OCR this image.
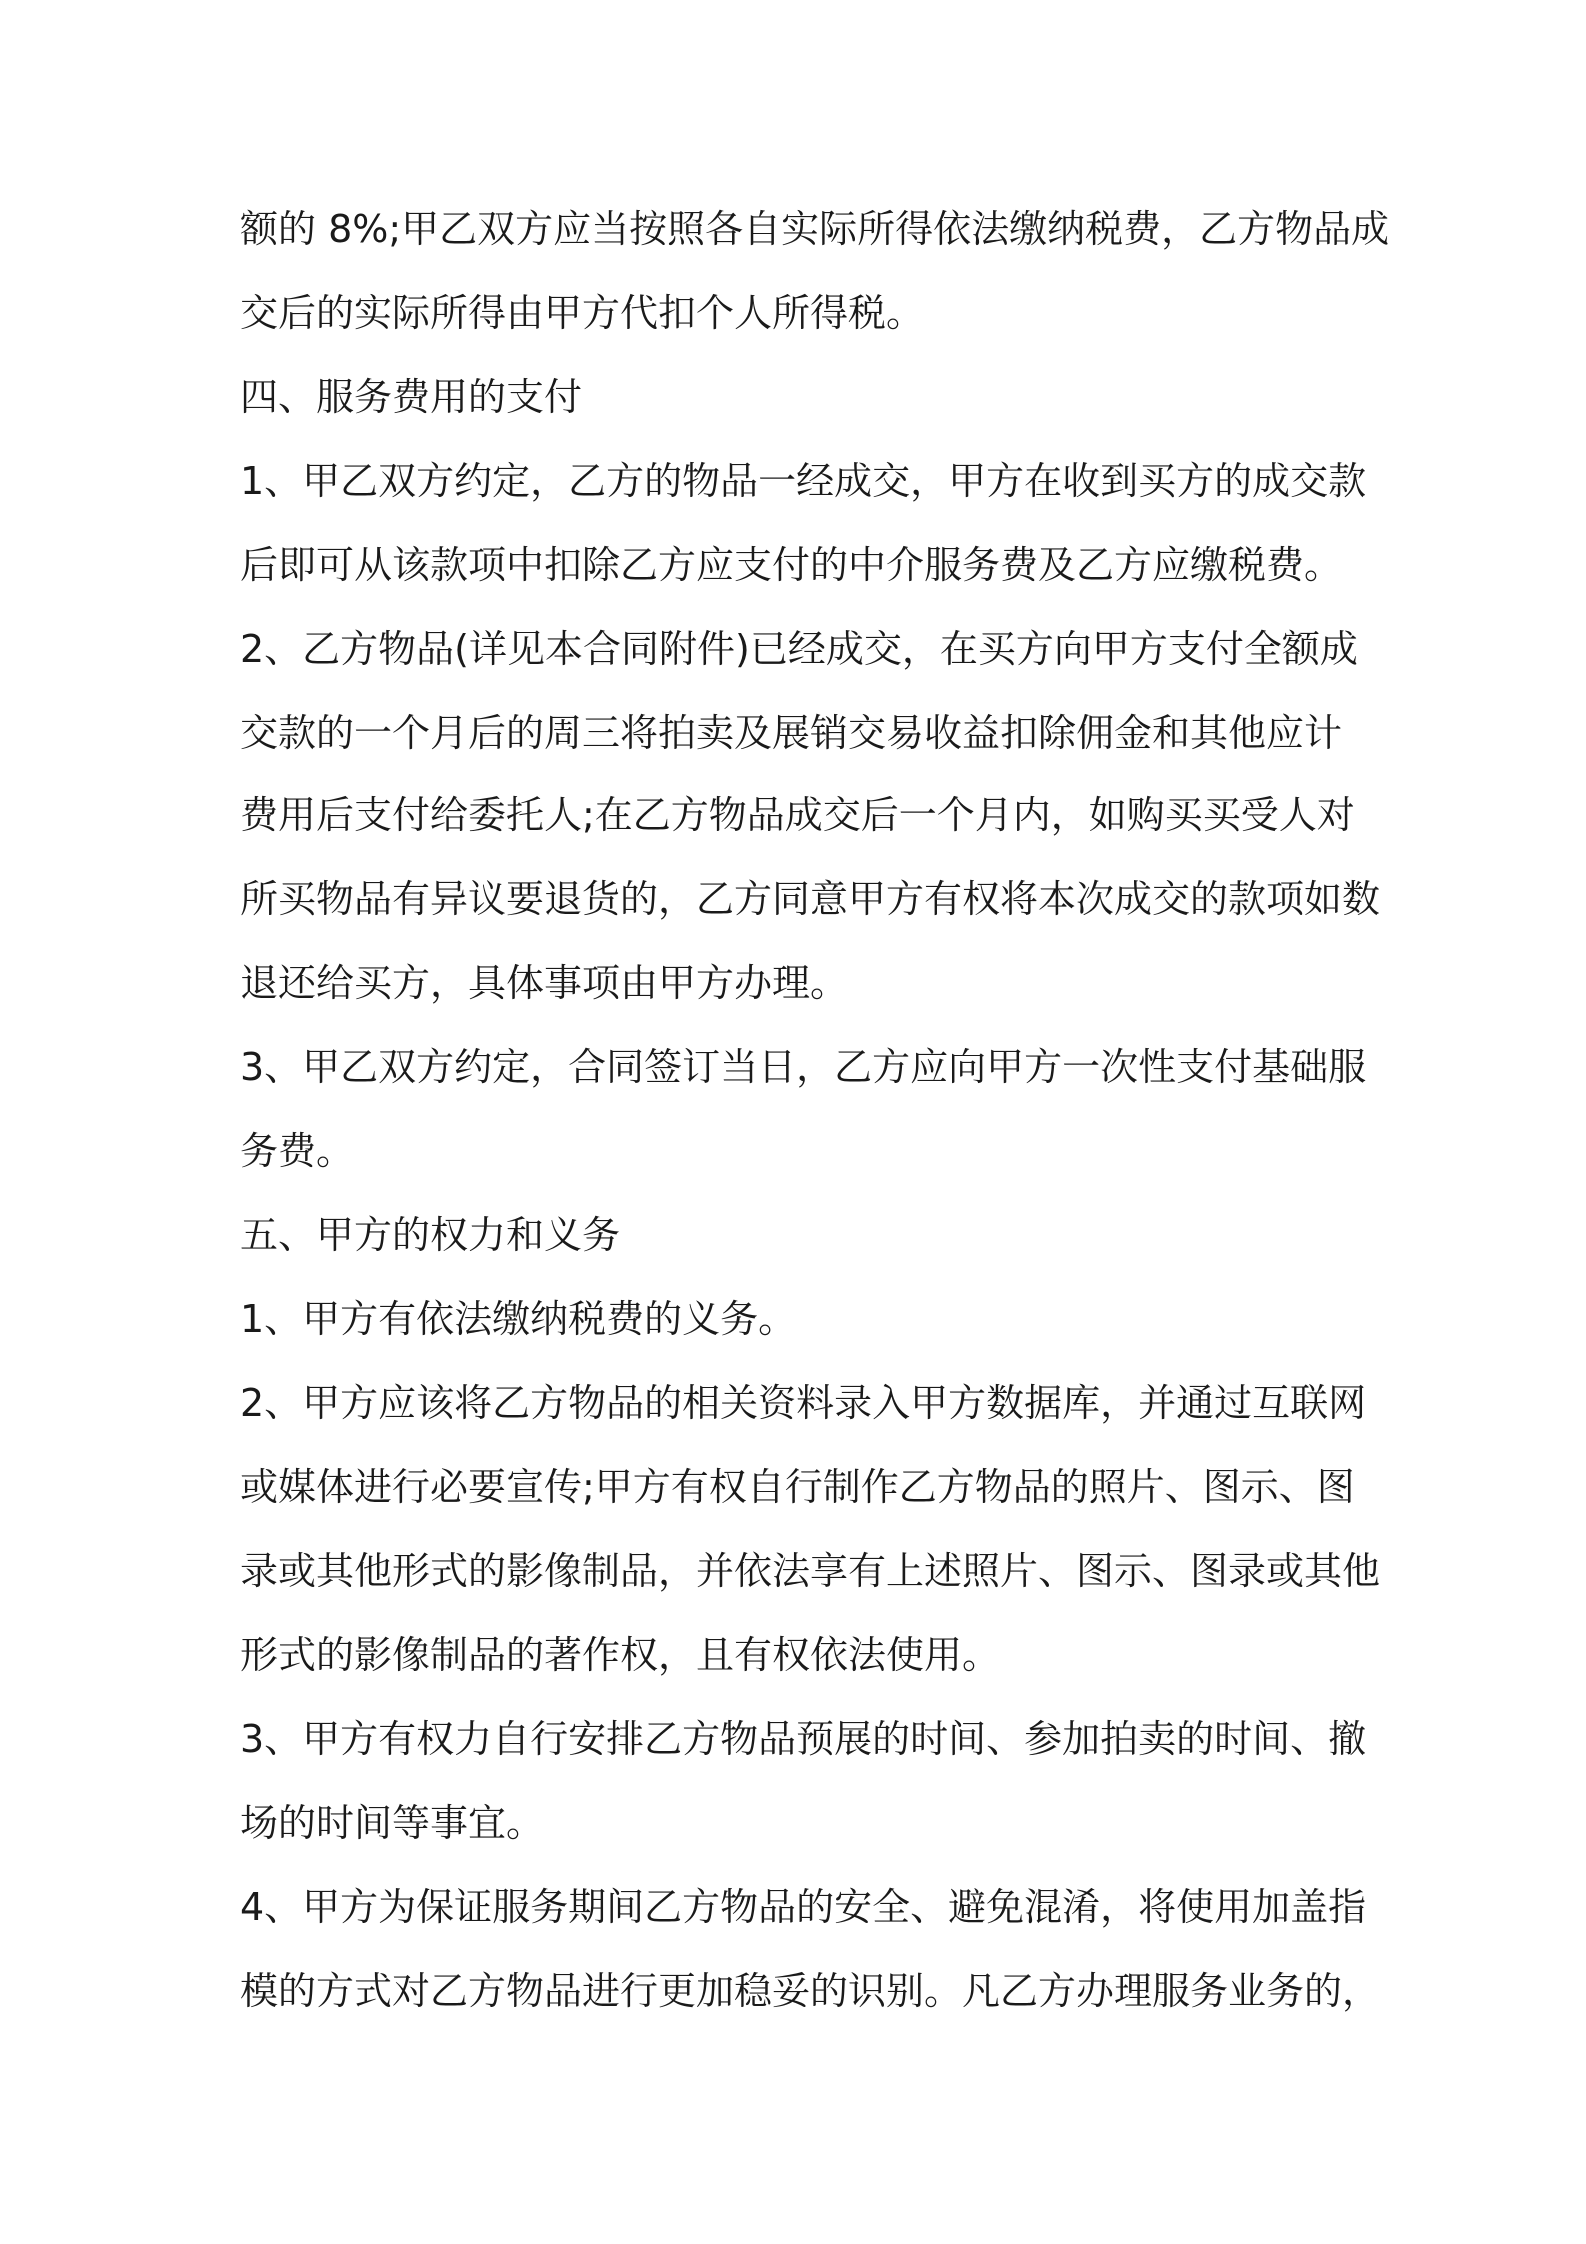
额的 8%;甲乙双方应当按照各自实际所得依法缴纳税费，乙方物品成
交后的实际所得由甲方代扣个人所得税。
四、服务费用的支付
1、甲乙双方约定，乙方的物品一经成交，甲方在收到买方的成交款
后即可从该款项中扣除乙方应支付的中介服务费及乙方应缴税费。
2、乙方物品(详见本合同附件)已经成交，在买方向甲方支付全额成
交款的一个月后的周三将拍卖及展销交易收益扣除佣金和其他应计
费用后支付给委托人;在乙方物品成交后一个月内，如购买买受人对
所买物品有异议要退货的，乙方同意甲方有权将本次成交的款项如数
退还给买方，具体事项由甲方办理。
3、甲乙双方约定，合同签订当日，乙方应向甲方一次性支付基础服
务费。
五、甲方的权力和义务
1、甲方有依法缴纳税费的义务。
2、甲方应该将乙方物品的相关资料录入甲方数据库，并通过互联网
或媒体进行必要宣传;甲方有权自行制作乙方物品的照片、图示、图
录或其他形式的影像制品，并依法享有上述照片、图示、图录或其他
形式的影像制品的著作权，且有权依法使用。
3、甲方有权力自行安排乙方物品预展的时间、参加拍卖的时间、撤
场的时间等事宜。
4、甲方为保证服务期间乙方物品的安全、避免混淆，将使用加盖指
模的方式对乙方物品进行更加稳妥的识别。凡乙方办理服务业务的，
